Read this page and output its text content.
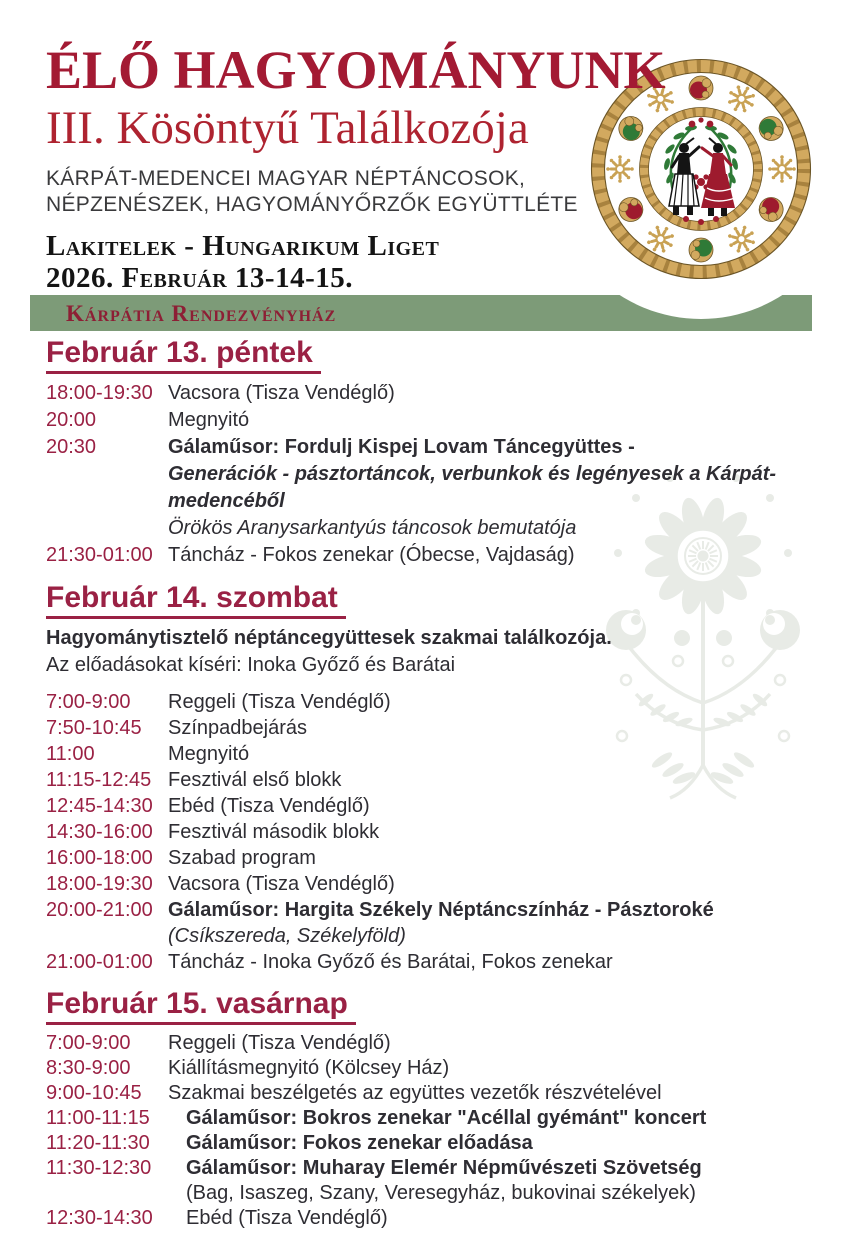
ÉLŐ HAGYOMÁNYUNK
III. Kösöntyű Találkozója

KÁRPÁT-MEDENCEI MAGYAR NÉPTÁNCOSOK,
NÉPZENÉSZEK, HAGYOMÁNYŐRZŐK EGYÜTTLÉTE

Lakitelek - Hungarikum Liget

2026. Február 13-14-15.

Kárpátia Rendezvényház
Február 13. péntek
18:00-19:30 Vacsora (Tisza Vendéglő)
20:00	Megnyitó
20:30	Gálaműsor: Fordulj Kispej Lovam Táncegyüttes -
Generációk - pásztortáncok, verbunkok és legényesek a Kárpát-medencéből
Örökös Aranysarkantyús táncosok bemutatója
21:30-01:00 Táncház - Fokos zenekar (Óbecse, Vajdaság)
Február 14. szombat

Hagyománytisztelő néptáncegyüttesek szakmai találkozója.

Az előadásokat kíséri: Inoka Győző és Barátai

7:00-9:00	Reggeli (Tisza Vendéglő)
7:50-10:45	Színpadbejárás
11:00	Megnyitó
11:15-12:45 Fesztivál első blokk
12:45-14:30 Ebéd (Tisza Vendéglő)
14:30-16:00 Fesztivál második blokk
16:00-18:00 Szabad program
18:00-19:30 Vacsora (Tisza Vendéglő)
20:00-21:00 Gálaműsor: Hargita Székely Néptáncszínház - Pásztoroké
(Csíkszereda, Székelyföld)
21:00-01:00 Táncház - Inoka Győző és Barátai, Fokos zenekar
Február 15. vasárnap
7:00-9:00	Reggeli (Tisza Vendéglő)
8:30-9:00	Kiállításmegnyitó (Kölcsey Ház)
9:00-10:45	Szakmai beszélgetés az együttes vezetők részvételével
11:00-11:15	Gálaműsor: Bokros zenekar "Acéllal gyémánt" koncert
11:20-11:30	Gálaműsor: Fokos zenekar előadása
11:30-12:30	Gálaműsor: Muharay Elemér Népművészeti Szövetség
(Bag, Isaszeg, Szany, Veresegyház, bukovinai székelyek)
12:30-14:30	Ebéd (Tisza Vendéglő)
